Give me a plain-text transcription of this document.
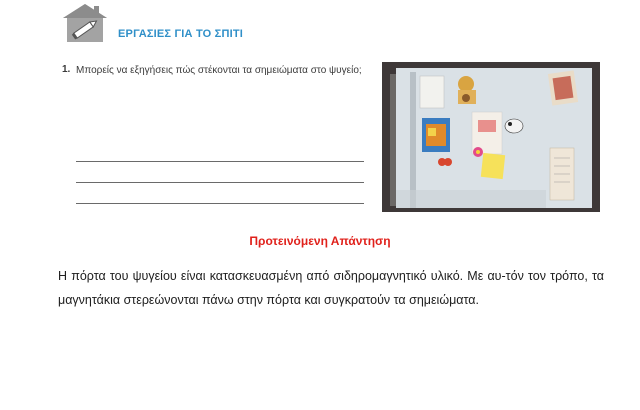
ΕΡΓΑΣΙΕΣ ΓΙΑ ΤΟ ΣΠΙΤΙ
1. Μπορείς να εξηγήσεις πώς στέκονται τα σημειώματα στο ψυγείο;
Προτεινόμενη Απάντηση
Η πόρτα του ψυγείου είναι κατασκευασμένη από σιδηρομαγνητικό υλικό. Με αυ-τόν τον τρόπο, τα μαγνητάκια στερεώνονται πάνω στην πόρτα και συγκρατούν τα σημειώματα.
